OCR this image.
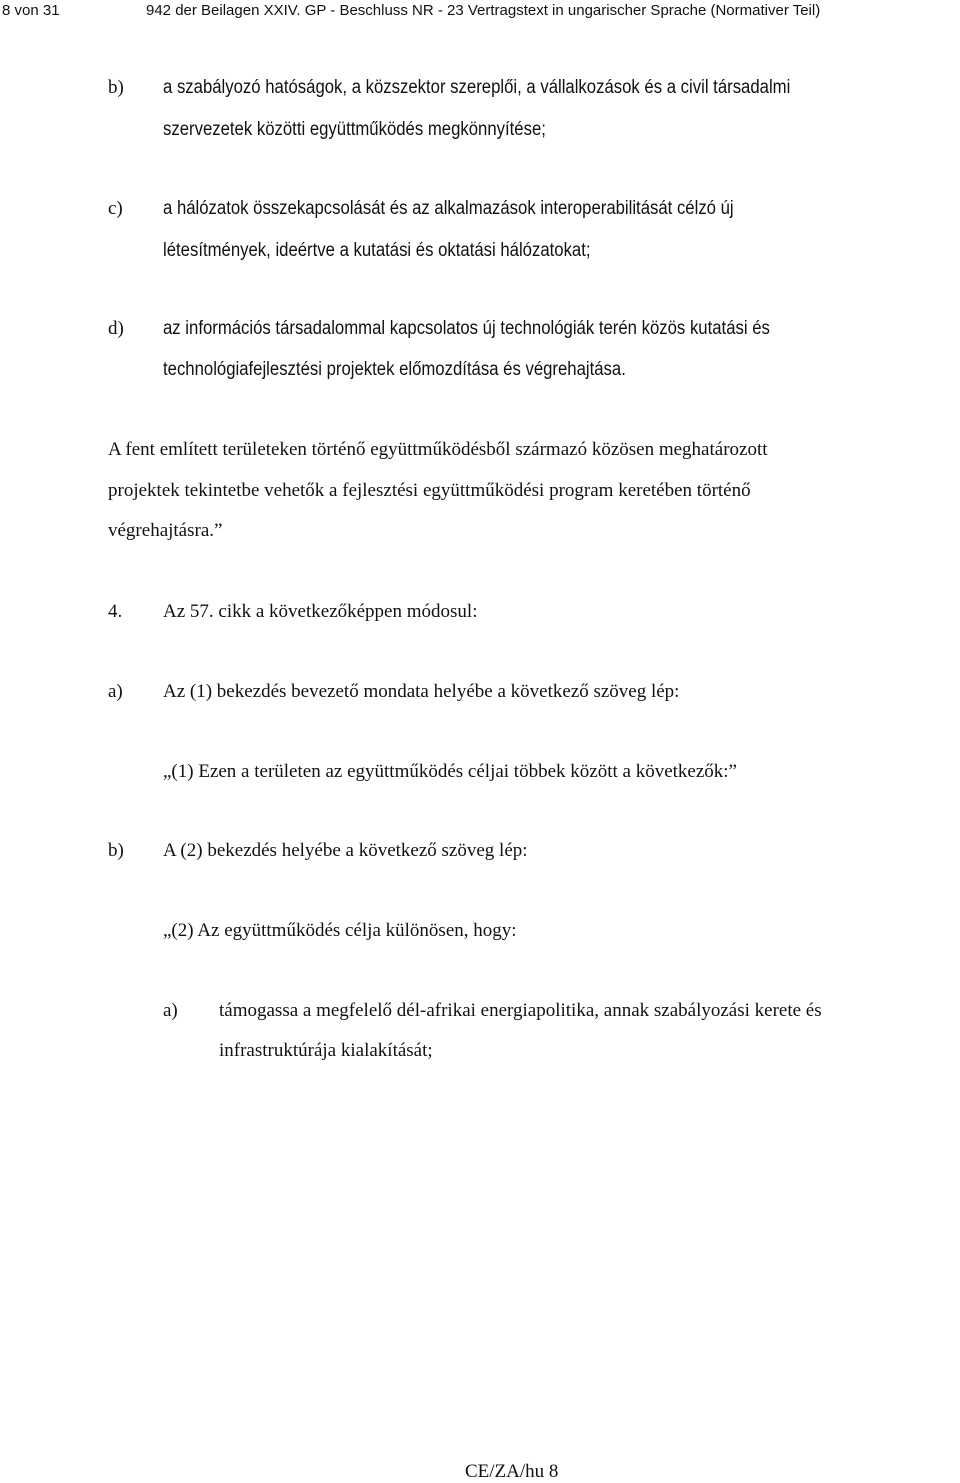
8 von 31	942 der Beilagen XXIV. GP - Beschluss NR - 23 Vertragstext in ungarischer Sprache (Normativer Teil)
b) a szabályozó hatóságok, a közszektor szereplői, a vállalkozások és a civil társadalmi
szervezetek közötti együttműködés megkönnyítése;
c) a hálózatok összekapcsolását és az alkalmazások interoperabilitását célzó új
létesítmények, ideértve a kutatási és oktatási hálózatokat;
d) az információs társadalommal kapcsolatos új technológiák terén közös kutatási és
technológiafejlesztési projektek előmozdítása és végrehajtása.
A fent említett területeken történő együttműködésből származó közösen meghatározott
projektek tekintetbe vehetők a fejlesztési együttműködési program keretében történő
végrehajtásra.”
4. Az 57. cikk a következőképpen módosul:
a) Az (1) bekezdés bevezető mondata helyébe a következő szöveg lép:
„(1) Ezen a területen az együttműködés céljai többek között a következők:”
b) A (2) bekezdés helyébe a következő szöveg lép:
„(2) Az együttműködés célja különösen, hogy:
a) támogassa a megfelelő dél-afrikai energiapolitika, annak szabályozási kerete és
infrastruktúrája kialakítását;
CE/ZA/hu 8
